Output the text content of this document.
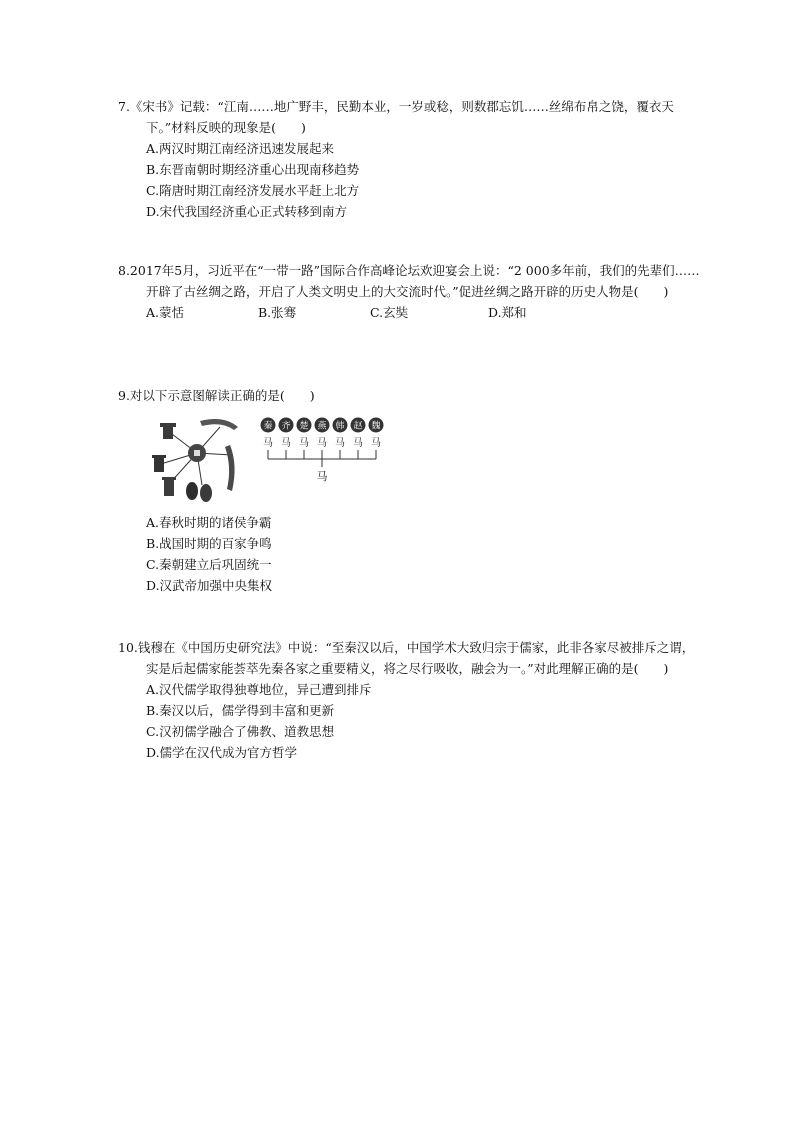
7.《宋书》记载：“江南……地广野丰，民勤本业，一岁或稔，则数郡忘饥……丝绵布帛之饶，覆衣天下。”材料反映的现象是(　　)
A.两汉时期江南经济迅速发展起来
B.东晋南朝时期经济重心出现南移趋势
C.隋唐时期江南经济发展水平赶上北方
D.宋代我国经济重心正式转移到南方
8.2017年5月，习近平在“一带一路”国际合作高峰论坛欢迎宴会上说：“2 000多年前，我们的先辈们……开辟了古丝绸之路，开启了人类文明史上的大交流时代。”促进丝绸之路开辟的历史人物是(　　)
A.蒙恬	B.张骞	C.玄奘	D.郑和
9.对以下示意图解读正确的是(　　)
秦
马
齐
马
楚
马
燕
马
韩
马
赵
马
魏
马
马
A.春秋时期的诸侯争霸
B.战国时期的百家争鸣
C.秦朝建立后巩固统一
D.汉武帝加强中央集权
10.钱穆在《中国历史研究法》中说：“至秦汉以后，中国学术大致归宗于儒家，此非各家尽被排斥之谓，实是后起儒家能荟萃先秦各家之重要精义，将之尽行吸收，融会为一。”对此理解正确的是(　　)
A.汉代儒学取得独尊地位，异己遭到排斥
B.秦汉以后，儒学得到丰富和更新
C.汉初儒学融合了佛教、道教思想
D.儒学在汉代成为官方哲学
